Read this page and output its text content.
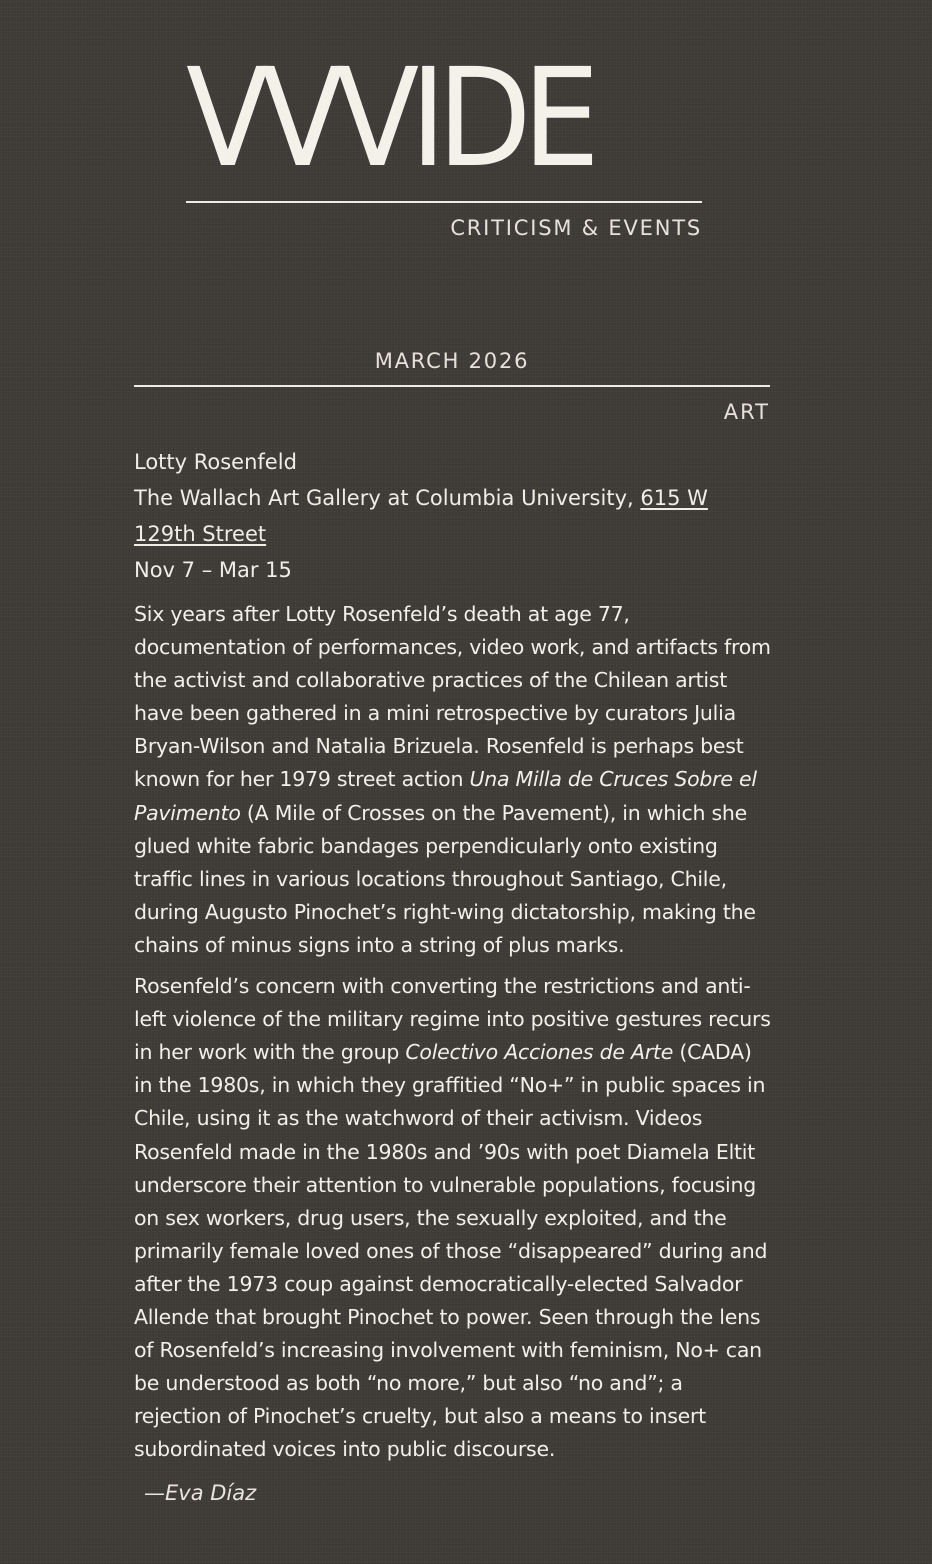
VVVIDE
CRITICISM & EVENTS
MARCH 2026
ART

Lotty Rosenfeld

The Wallach Art Gallery at Columbia University, 615 W 129th Street

Nov 7 – Mar 15

Six years after Lotty Rosenfeld’s death at age 77, documentation of performances, video work, and artifacts from the activist and collaborative practices of the Chilean artist have been gathered in a mini retrospective by curators Julia Bryan-Wilson and Natalia Brizuela. Rosenfeld is perhaps best known for her 1979 street action Una Milla de Cruces Sobre el Pavimento (A Mile of Crosses on the Pavement), in which she glued white fabric bandages perpendicularly onto existing traffic lines in various locations throughout Santiago, Chile, during Augusto Pinochet’s right-wing dictatorship, making the chains of minus signs into a string of plus marks.

Rosenfeld’s concern with converting the restrictions and anti-left violence of the military regime into positive gestures recurs in her work with the group Colectivo Acciones de Arte (CADA) in the 1980s, in which they graffitied “No+” in public spaces in Chile, using it as the watchword of their activism. Videos Rosenfeld made in the 1980s and ’90s with poet Diamela Eltit underscore their attention to vulnerable populations, focusing on sex workers, drug users, the sexually exploited, and the primarily female loved ones of those “disappeared” during and after the 1973 coup against democratically-elected Salvador Allende that brought Pinochet to power. Seen through the lens of Rosenfeld’s increasing involvement with feminism, No+ can be understood as both “no more,” but also “no and”; a rejection of Pinochet’s cruelty, but also a means to insert subordinated voices into public discourse.

—Eva Díaz
